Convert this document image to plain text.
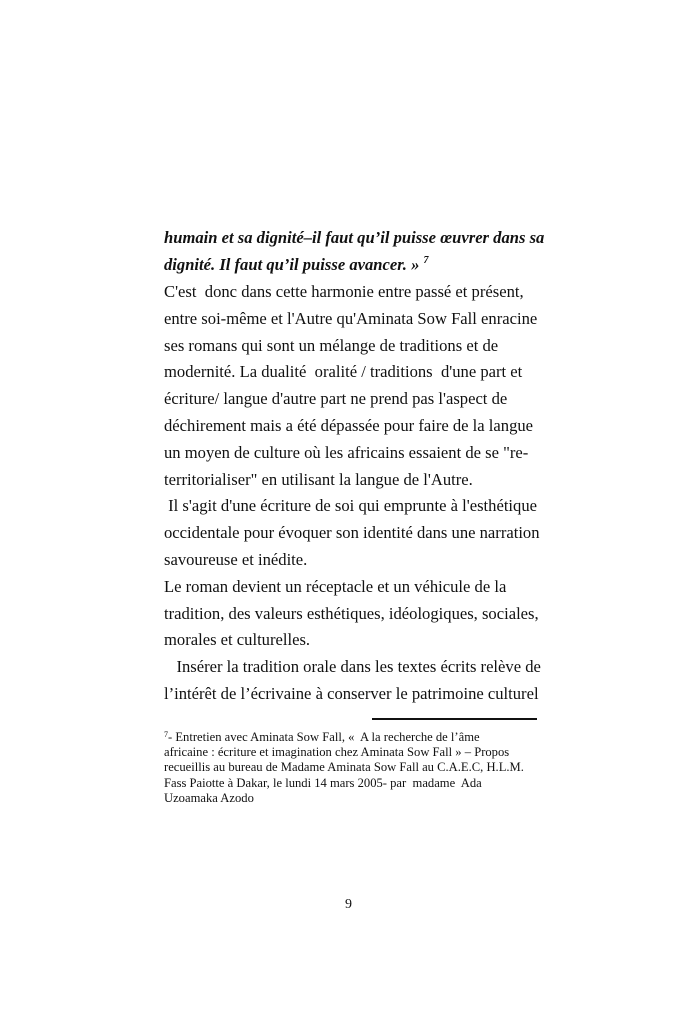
humain et sa dignité–il faut qu’il puisse œuvrer dans sa
dignité. Il faut qu’il puisse avancer. » $^7$
C'est  donc dans cette harmonie entre passé et présent,
entre soi-même et l'Autre qu'Aminata Sow Fall enracine
ses romans qui sont un mélange de traditions et de
modernité. La dualité  oralité / traditions  d'une part et
écriture/ langue d'autre part ne prend pas l'aspect de
déchirement mais a été dépassée pour faire de la langue
un moyen de culture où les africains essaient de se "re-
territorialiser" en utilisant la langue de l'Autre.
Il s'agit d'une écriture de soi qui emprunte à l'esthétique
occidentale pour évoquer son identité dans une narration
savoureuse et inédite.
Le roman devient un réceptacle et un véhicule de la
tradition, des valeurs esthétiques, idéologiques, sociales,
morales et culturelles.
Insérer la tradition orale dans les textes écrits relève de
l’intérêt de l’écrivaine à conserver le patrimoine culturel
$^7$- Entretien avec Aminata Sow Fall, «  A la recherche de l’âme
africaine : écriture et imagination chez Aminata Sow Fall » – Propos
recueillis au bureau de Madame Aminata Sow Fall au C.A.E.C, H.L.M.
Fass Paiotte à Dakar, le lundi 14 mars 2005- par  madame  Ada
Uzoamaka Azodo
9
